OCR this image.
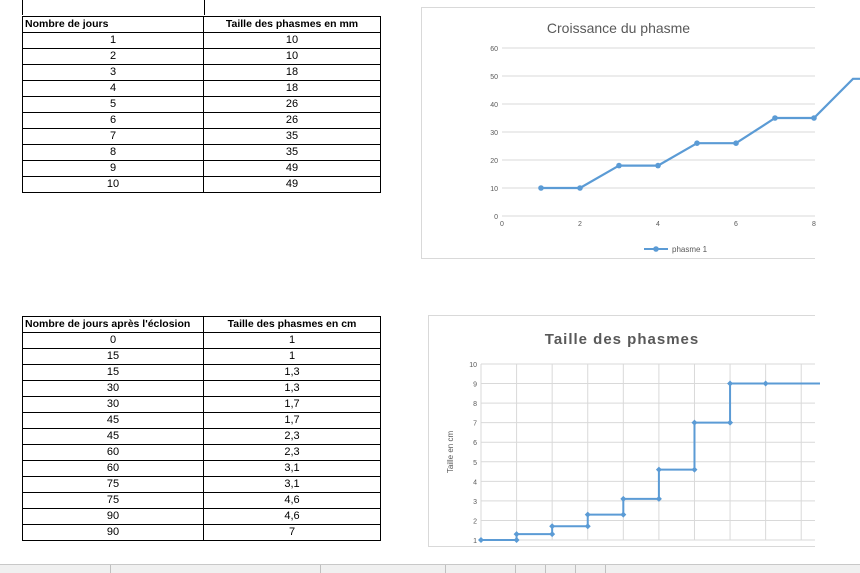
Nombre de jours	Taille des phasmes en mm
1	10
2	10
3	18
4	18
5	26
6	26
7	35
8	35
9	49
10	49
Nombre de jours après l'éclosion	Taille des phasmes en cm
0	1
15	1
15	1,3
30	1,3
30	1,7
45	1,7
45	2,3
60	2,3
60	3,1
75	3,1
75	4,6
90	4,6
90	7
Croissance du phasme
0
10
20
30
40
50
60
0	2	4	6	8
phasme 1
Taille des phasmes
1
2
3
4
5
6
7
8
9
10
Taille en cm
